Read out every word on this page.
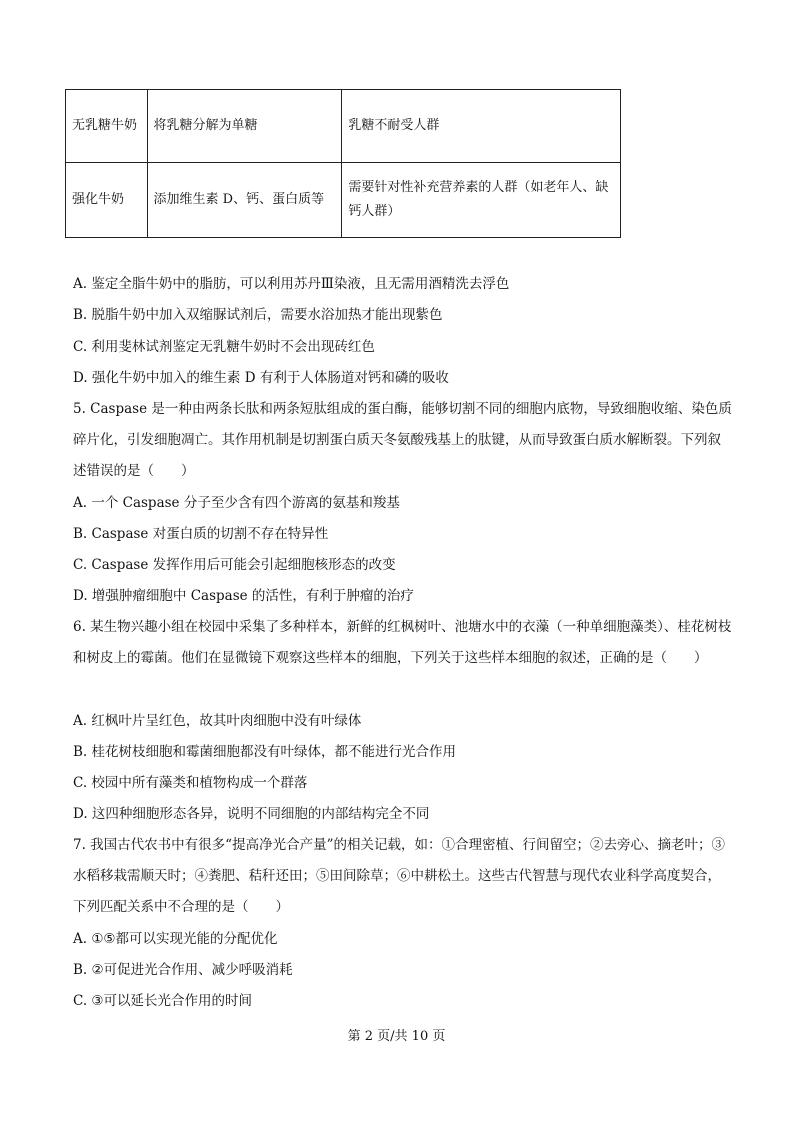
无乳糖牛奶	将乳糖分解为单糖	乳糖不耐受人群
强化牛奶	添加维生素 D、钙、蛋白质等	需要针对性补充营养素的人群（如老年人、缺钙人群）
A. 鉴定全脂牛奶中的脂肪，可以利用苏丹Ⅲ染液，且无需用酒精洗去浮色
B. 脱脂牛奶中加入双缩脲试剂后，需要水浴加热才能出现紫色
C. 利用斐林试剂鉴定无乳糖牛奶时不会出现砖红色
D. 强化牛奶中加入的维生素 D 有利于人体肠道对钙和磷的吸收
5. Caspase 是一种由两条长肽和两条短肽组成的蛋白酶，能够切割不同的细胞内底物，导致细胞收缩、染色质碎片化，引发细胞凋亡。其作用机制是切割蛋白质天冬氨酸残基上的肽键，从而导致蛋白质水解断裂。下列叙述错误的是（　　）
A. 一个 Caspase 分子至少含有四个游离的氨基和羧基
B. Caspase 对蛋白质的切割不存在特异性
C. Caspase 发挥作用后可能会引起细胞核形态的改变
D. 增强肿瘤细胞中 Caspase 的活性，有利于肿瘤的治疗
6. 某生物兴趣小组在校园中采集了多种样本，新鲜的红枫树叶、池塘水中的衣藻（一种单细胞藻类）、桂花树枝和树皮上的霉菌。他们在显微镜下观察这些样本的细胞，下列关于这些样本细胞的叙述，正确的是（　　）
A. 红枫叶片呈红色，故其叶肉细胞中没有叶绿体
B. 桂花树枝细胞和霉菌细胞都没有叶绿体，都不能进行光合作用
C. 校园中所有藻类和植物构成一个群落
D. 这四种细胞形态各异，说明不同细胞的内部结构完全不同
7. 我国古代农书中有很多“提高净光合产量”的相关记载，如：①合理密植、行间留空；②去旁心、摘老叶；③水稻移栽需顺天时；④粪肥、秸秆还田；⑤田间除草；⑥中耕松土。这些古代智慧与现代农业科学高度契合，下列匹配关系中不合理的是（　　）
A. ①⑤都可以实现光能的分配优化
B. ②可促进光合作用、减少呼吸消耗
C. ③可以延长光合作用的时间
第 2 页/共 10 页
